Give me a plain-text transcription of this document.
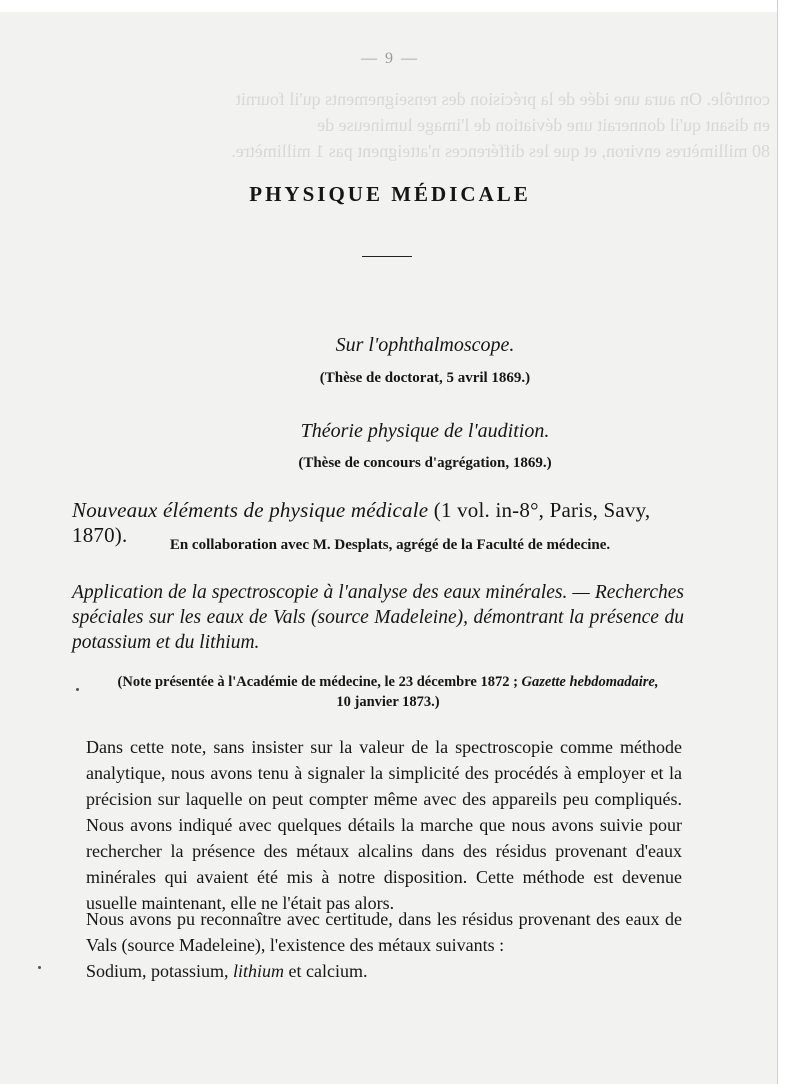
contrôle. On aura une idée de la précision des renseignements qu'il fournit
en disant qu'il donnerait une déviation de l'image lumineuse de
80 millimètres environ, et que les différences n'atteignent pas 1 millimètre.
— 9 —
PHYSIQUE MÉDICALE
Sur l'ophthalmoscope.
(Thèse de doctorat, 5 avril 1869.)
Théorie physique de l'audition.
(Thèse de concours d'agrégation, 1869.)
Nouveaux éléments de physique médicale (1 vol. in-8°, Paris, Savy, 1870).	En collaboration avec M. Desplats, agrégé de la Faculté de médecine.
Application de la spectroscopie à l'analyse des eaux minérales. — Recherches spéciales sur les eaux de Vals (source Madeleine), démontrant la présence du potassium et du lithium.
(Note présentée à l'Académie de médecine, le 23 décembre 1872 ; Gazette hebdomadaire,
10 janvier 1873.)
Dans cette note, sans insister sur la valeur de la spectroscopie comme méthode analytique, nous avons tenu à signaler la simplicité des procédés à employer et la précision sur laquelle on peut compter même avec des appareils peu compliqués. Nous avons indiqué avec quelques détails la marche que nous avons suivie pour rechercher la présence des métaux alcalins dans des résidus provenant d'eaux minérales qui avaient été mis à notre disposition. Cette méthode est devenue usuelle maintenant, elle ne l'était pas alors.
Nous avons pu reconnaître avec certitude, dans les résidus provenant des eaux de Vals (source Madeleine), l'existence des métaux suivants :
Sodium, potassium, lithium et calcium.
